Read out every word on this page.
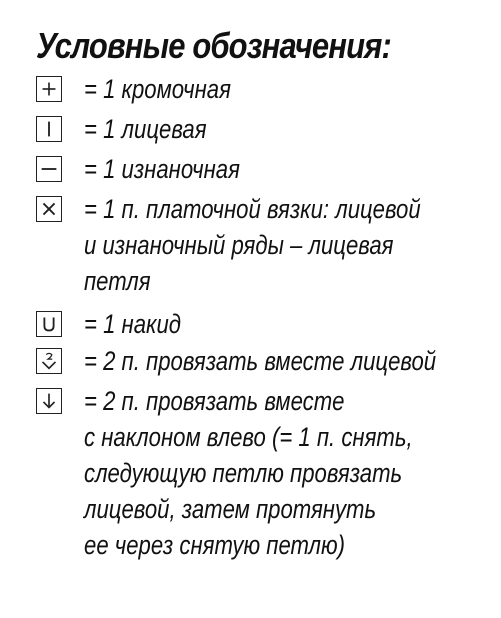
Условные обозначения:
= 1 кромочная
= 1 лицевая
= 1 изнаночная
= 1 п. платочной вязки: лицевой
и изнаночный ряды – лицевая
петля
= 1 накид
= 2 п. провязать вместе лицевой
= 2 п. провязать вместе
с наклоном влево (= 1 п. снять,
следующую петлю провязать
лицевой, затем протянуть
ее через снятую петлю)
